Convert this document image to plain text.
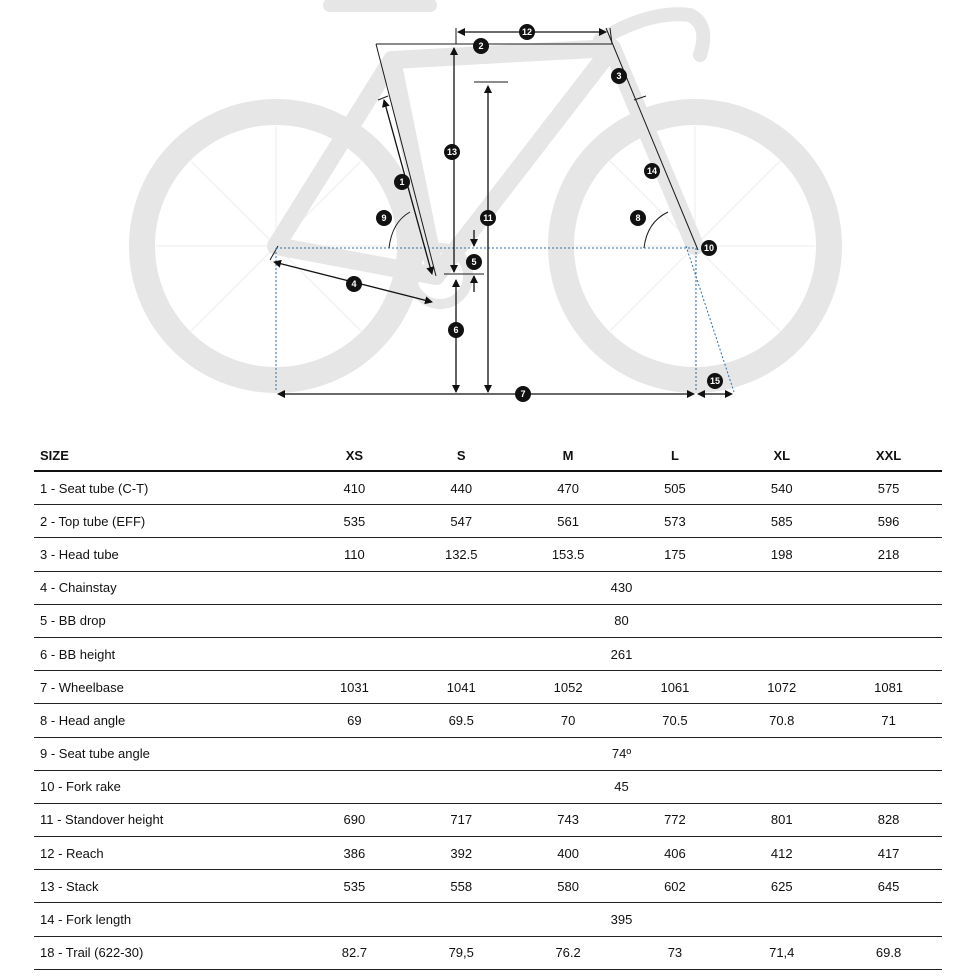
1
2
3
4
5
6
7
8
9
10
11
12
13
14
15
SIZE	XS	S	M	L	XL	XXL
1 - Seat tube (C-T)	410	440	470	505	540	575
2 - Top tube (EFF)	535	547	561	573	585	596
3 - Head tube	110	132.5	153.5	175	198	218
4 - Chainstay	430					
5 - BB drop	80					
6 - BB height	261					
7 - Wheelbase	1031	1041	1052	1061	1072	1081
8 - Head angle	69	69.5	70	70.5	70.8	71
9 - Seat tube angle	74º					
10 - Fork rake	45					
11 - Standover height	690	717	743	772	801	828
12 - Reach	386	392	400	406	412	417
13 - Stack	535	558	580	602	625	645
14 - Fork length	395					
18 - Trail (622-30)	82.7	79,5	76.2	73	71,4	69.8
